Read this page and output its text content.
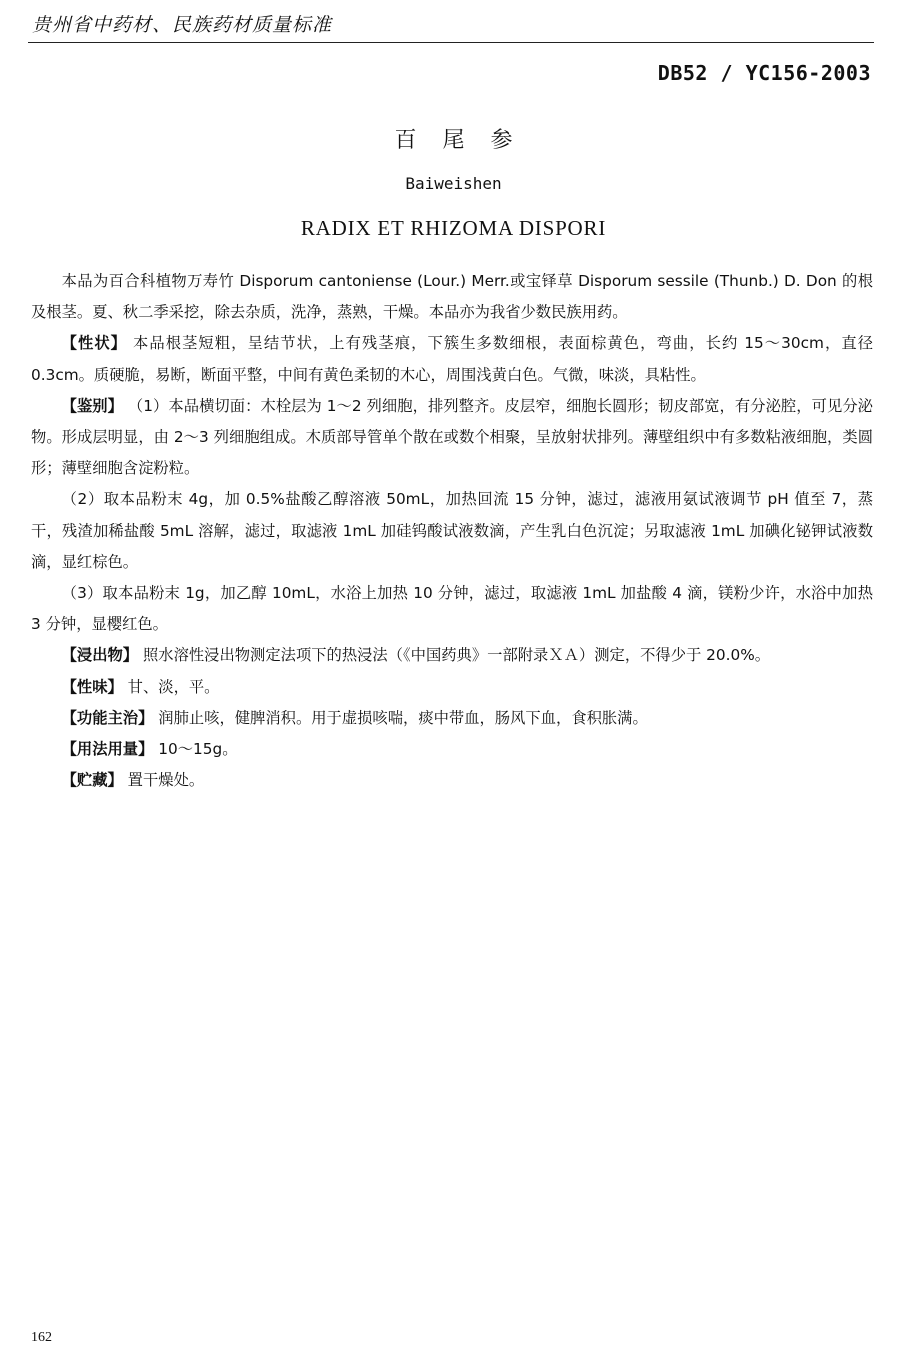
贵州省中药材、民族药材质量标准
DB52 / YC156-2003
百尾参
Baiweishen
RADIX ET RHIZOMA DISPORI

本品为百合科植物万寿竹 Disporum cantoniense (Lour.) Merr.或宝铎草 Disporum sessile (Thunb.) D. Don 的根及根茎。夏、秋二季采挖，除去杂质，洗净，蒸熟，干燥。本品亦为我省少数民族用药。

【性状】 本品根茎短粗，呈结节状，上有残茎痕，下簇生多数细根，表面棕黄色，弯曲，长约 15～30cm，直径 0.3cm。质硬脆，易断，断面平整，中间有黄色柔韧的木心，周围浅黄白色。气微，味淡，具粘性。

【鉴别】 （1）本品横切面：木栓层为 1～2 列细胞，排列整齐。皮层窄，细胞长圆形；韧皮部宽，有分泌腔，可见分泌物。形成层明显，由 2～3 列细胞组成。木质部导管单个散在或数个相聚，呈放射状排列。薄壁组织中有多数粘液细胞，类圆形；薄壁细胞含淀粉粒。

（2）取本品粉末 4g，加 0.5%盐酸乙醇溶液 50mL，加热回流 15 分钟，滤过，滤液用氨试液调节 pH 值至 7，蒸干，残渣加稀盐酸 5mL 溶解，滤过，取滤液 1mL 加硅钨酸试液数滴，产生乳白色沉淀；另取滤液 1mL 加碘化铋钾试液数滴，显红棕色。

（3）取本品粉末 1g，加乙醇 10mL，水浴上加热 10 分钟，滤过，取滤液 1mL 加盐酸 4 滴，镁粉少许，水浴中加热 3 分钟，显樱红色。

【浸出物】 照水溶性浸出物测定法项下的热浸法（《中国药典》一部附录ＸＡ）测定，不得少于 20.0%。

【性味】 甘、淡，平。

【功能主治】 润肺止咳，健脾消积。用于虚损咳喘，痰中带血，肠风下血，食积胀满。

【用法用量】 10～15g。

【贮藏】 置干燥处。

162
